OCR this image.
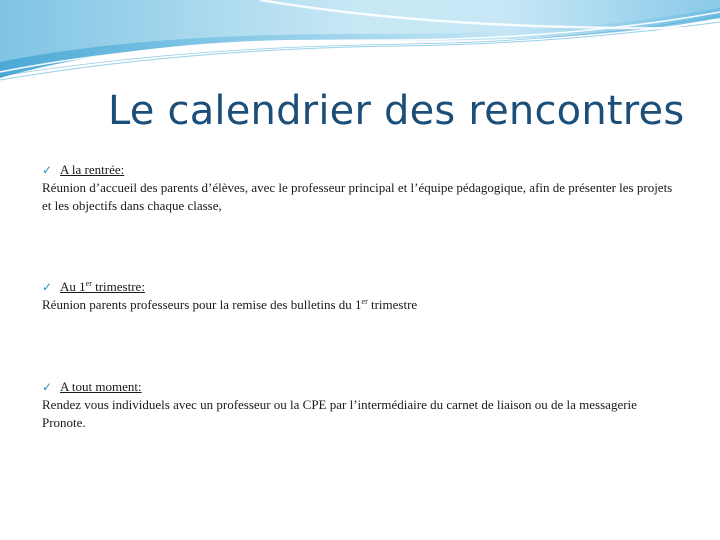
Le calendrier des rencontres
✓ A la rentrée:

Réunion d’accueil des parents d’élèves, avec le professeur principal et l’équipe pédagogique, afin de présenter les projets et les objectifs dans chaque classe,

✓ Au 1er trimestre:

Réunion parents professeurs pour la remise des bulletins du 1er trimestre

✓ A tout moment:

Rendez vous individuels avec un professeur ou la CPE par l’intermédiaire du carnet de liaison ou de la messagerie Pronote.
